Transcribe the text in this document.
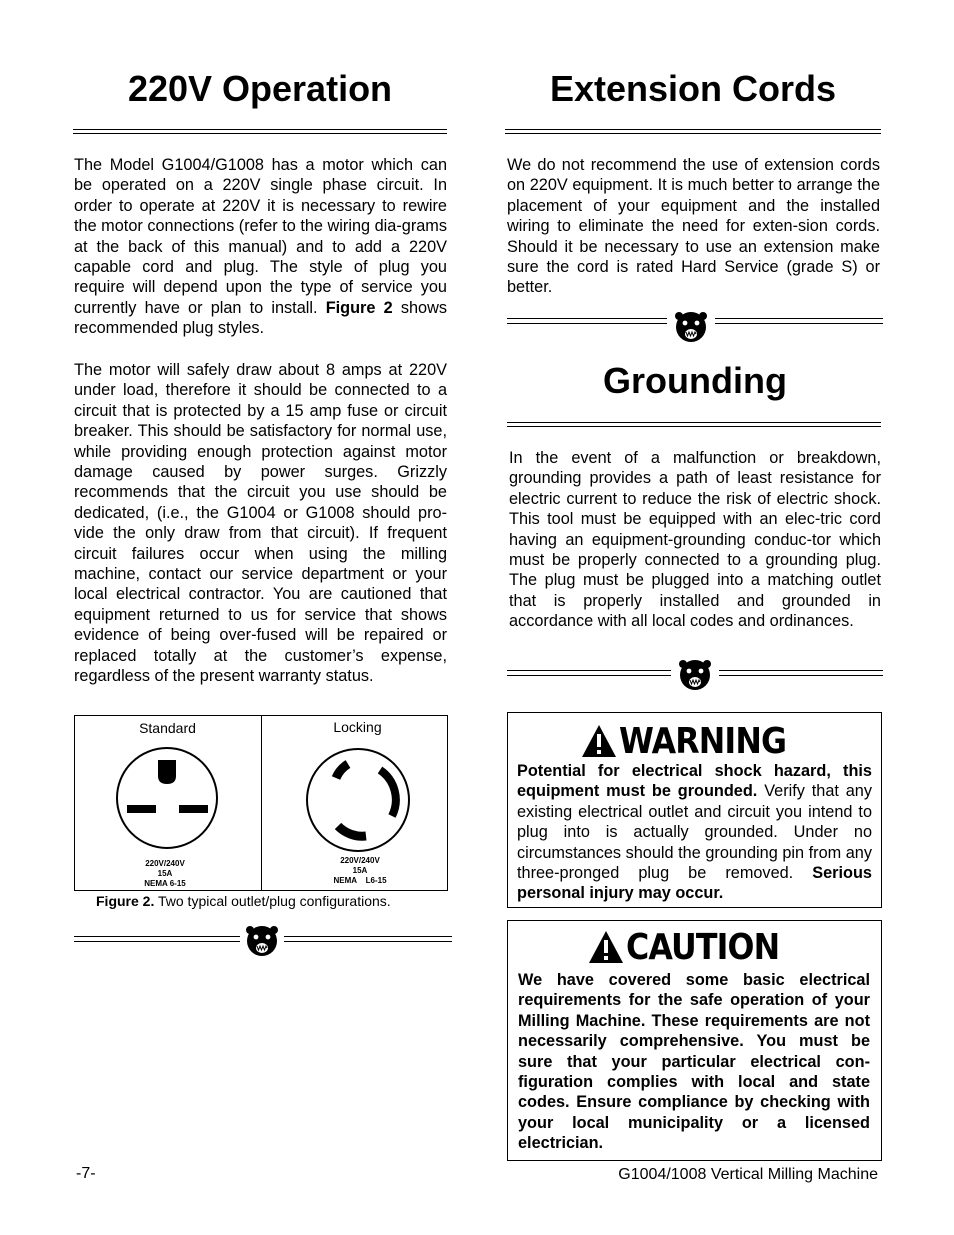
220V Operation

The Model G1004/G1008 has a motor which can be operated on a 220V single phase circuit. In order to operate at 220V it is necessary to rewire the motor connections (refer to the wiring dia-grams at the back of this manual) and to add a 220V capable cord and plug. The style of plug you require will depend upon the type of service you currently have or plan to install. Figure 2 shows recommended plug styles.

The motor will safely draw about 8 amps at 220V under load, therefore it should be connected to a circuit that is protected by a 15 amp fuse or circuit breaker. This should be satisfactory for normal use, while providing enough protection against motor damage caused by power surges. Grizzly recommends that the circuit you use should be dedicated, (i.e., the G1004 or G1008 should pro-vide the only draw from that circuit). If frequent circuit failures occur when using the milling machine, contact our service department or your local electrical contractor. You are cautioned that equipment returned to us for service that shows evidence of being over-fused will be repaired or replaced totally at the customer’s expense, regardless of the present warranty status.

Standard	Locking
220V/240V
15A
NEMA 6-15
220V/240V
15A
NEMA    L6-15
Figure 2. Two typical outlet/plug configurations.
Extension Cords

We do not recommend the use of extension cords on 220V equipment. It is much better to arrange the placement of your equipment and the installed wiring to eliminate the need for exten-sion cords. Should it be necessary to use an extension make sure the cord is rated Hard Service (grade S) or better.

Grounding

In the event of a malfunction or breakdown, grounding provides a path of least resistance for electric current to reduce the risk of electric shock. This tool must be equipped with an elec-tric cord having an equipment-grounding conduc-tor which must be properly connected to a grounding plug. The plug must be plugged into a matching outlet that is properly installed and grounded in accordance with all local codes and ordinances.

WARNING

Potential for electrical shock hazard, this equipment must be grounded. Verify that any existing electrical outlet and circuit you intend to plug into is actually grounded. Under no circumstances should the grounding pin from any three-pronged plug be removed. Serious personal injury may occur.

CAUTION

We have covered some basic electrical requirements for the safe operation of your Milling Machine. These requirements are not necessarily comprehensive. You must be sure that your particular electrical con-figuration complies with local and state codes. Ensure compliance by checking with your local municipality or a licensed electrician.

-7-	G1004/1008 Vertical Milling Machine
